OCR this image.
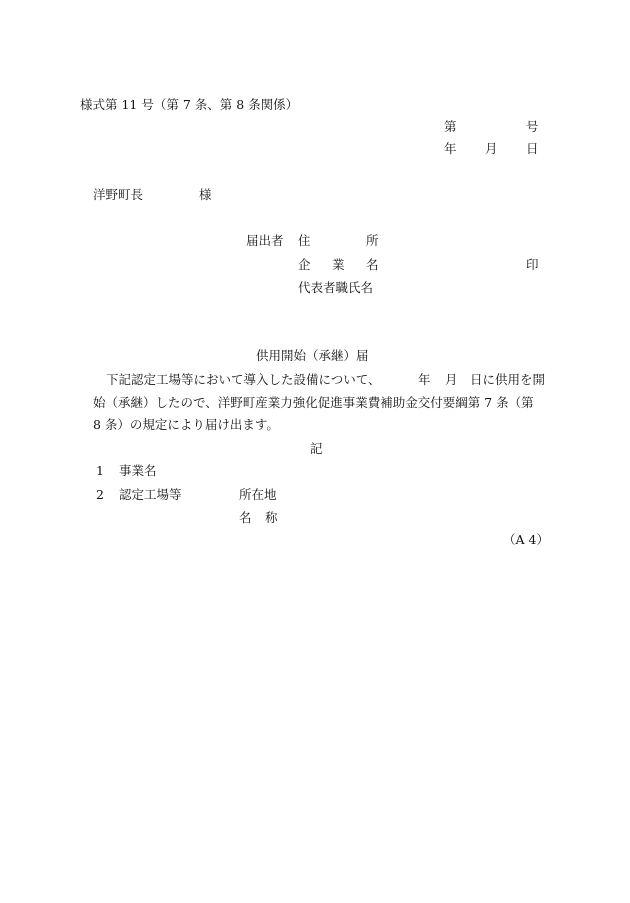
様式第 11 号（第 7 条、第 8 条関係）
第	号
年 月 日
洋野町長	様
届出者 住	所
企 業 名	印
代表者職氏名
供用開始（承継）届
下記認定工場等において導入した設備について、	年 月 日に供用を開
始（承継）したので、洋野町産業力強化促進事業費補助金交付要綱第 7 条（第
8 条）の規定により届け出ます。
記
1 事業名
2 認定工場等	所在地
名 称
（A 4）
